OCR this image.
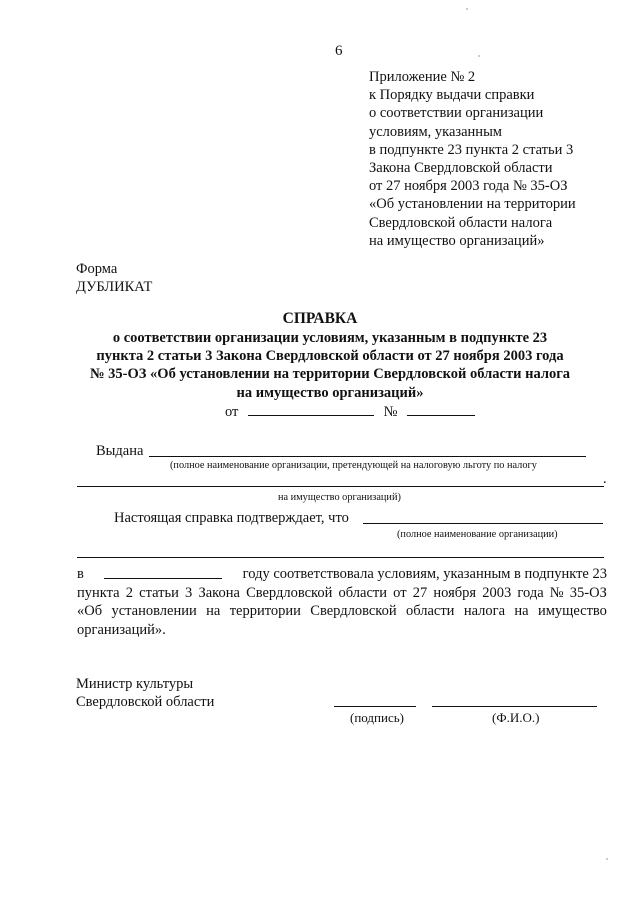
6
Приложение № 2
к Порядку выдачи справки
о соответствии организации
условиям, указанным
в подпункте 23 пункта 2 статьи 3
Закона Свердловской области
от 27 ноября 2003 года № 35-ОЗ
«Об установлении на территории
Свердловской области налога
на имущество организаций»
Форма
ДУБЛИКАТ
СПРАВКА
о соответствии организации условиям, указанным в подпункте 23
пункта 2 статьи 3 Закона Свердловской области от 27 ноября 2003 года
№ 35-ОЗ «Об установлении на территории Свердловской области налога
на имущество организаций»
от	№
Выдана
(полное наименование организации, претендующей на налоговую льготу по налогу
.
на имущество организаций)
Настоящая справка подтверждает, что
(полное наименование организации)
в	году соответствовала условиям, указанным в подпункте 23
пункта 2 статьи 3 Закона Свердловской области от 27 ноября 2003 года № 35-ОЗ
«Об установлении на территории Свердловской области налога на имущество
организаций».
Министр культуры
Свердловской области
(подпись)	(Ф.И.О.)
